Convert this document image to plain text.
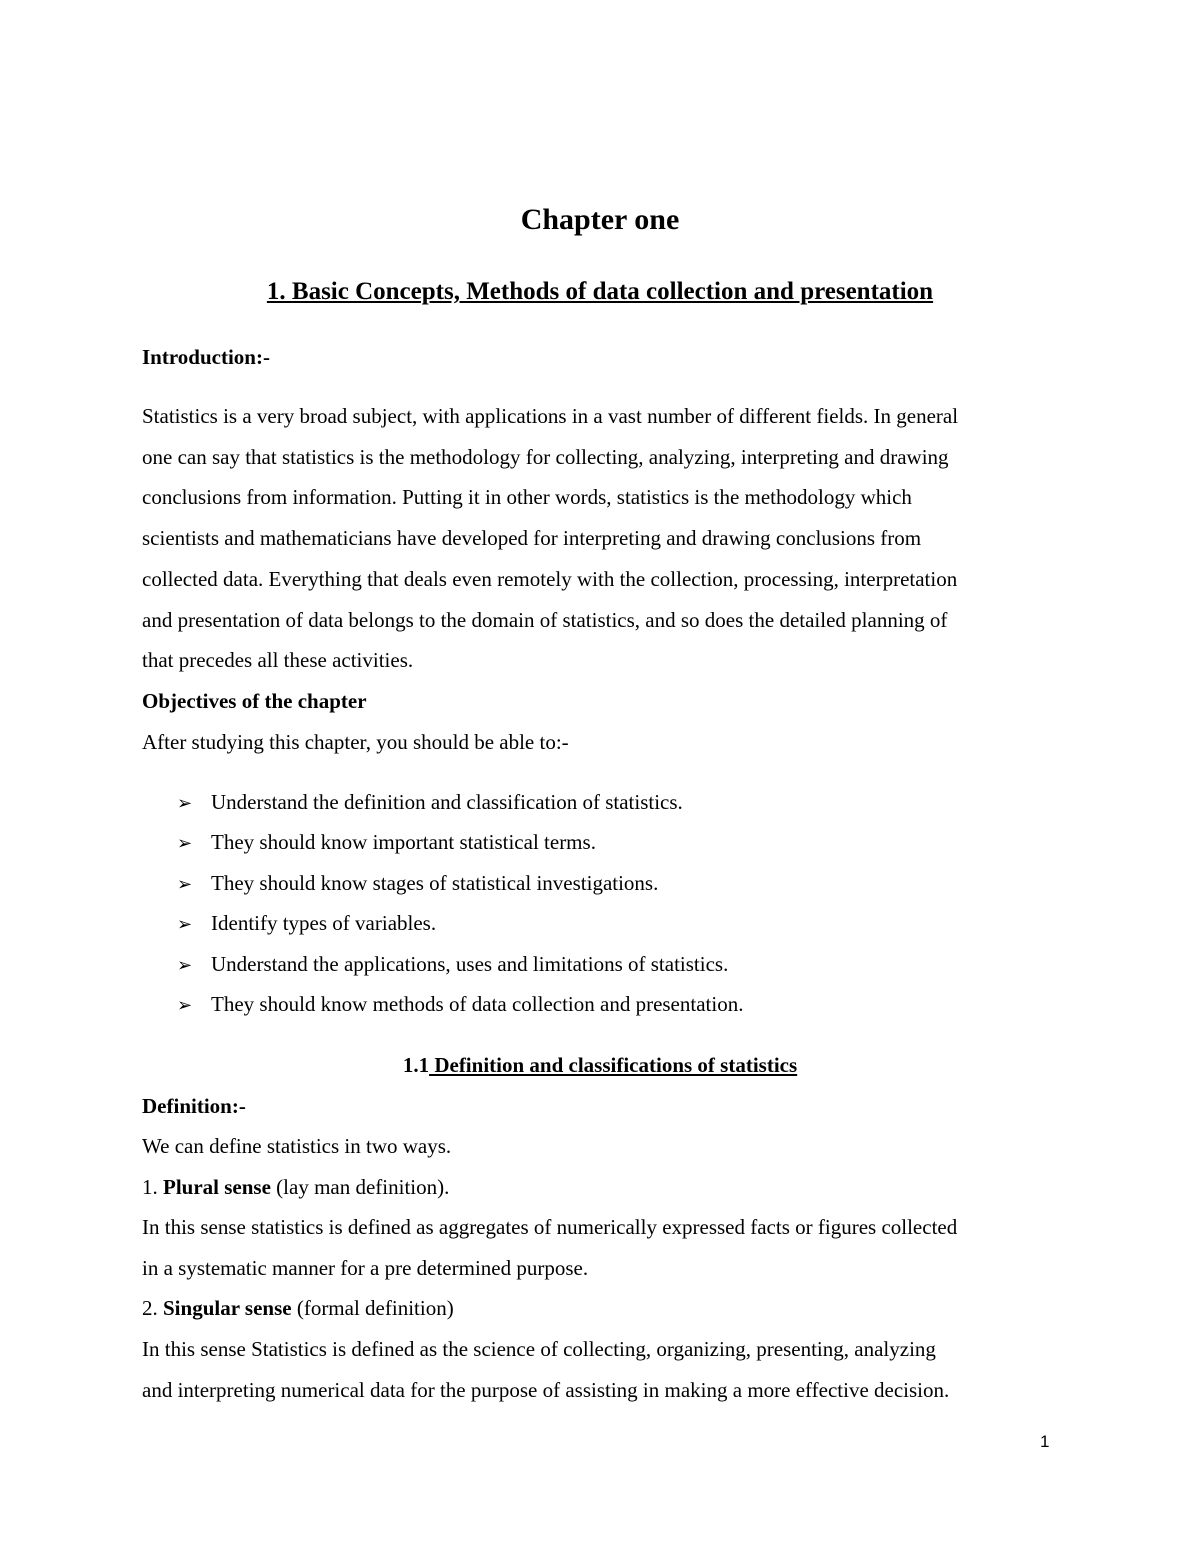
Chapter one
1. Basic Concepts, Methods of data collection and presentation
Introduction:-
Statistics is a very broad subject, with applications in a vast number of different fields. In general
one can say that statistics is the methodology for collecting, analyzing, interpreting and drawing
conclusions from information. Putting it in other words, statistics is the methodology which
scientists and mathematicians have developed for interpreting and drawing conclusions from
collected data. Everything that deals even remotely with the collection, processing, interpretation
and presentation of data belongs to the domain of statistics, and so does the detailed planning of
that precedes all these activities.
Objectives of the chapter
After studying this chapter, you should be able to:-
➢ Understand the definition and classification of statistics.
➢ They should know important statistical terms.
➢ They should know stages of statistical investigations.
➢ Identify types of variables.
➢ Understand the applications, uses and limitations of statistics.
➢ They should know methods of data collection and presentation.
1.1 Definition and classifications of statistics
Definition:-
We can define statistics in two ways.
1. Plural sense (lay man definition).
In this sense statistics is defined as aggregates of numerically expressed facts or figures collected
in a systematic manner for a pre determined purpose.
2. Singular sense (formal definition)
In this sense Statistics is defined as the science of collecting, organizing, presenting, analyzing
and interpreting numerical data for the purpose of assisting in making a more effective decision.
1
